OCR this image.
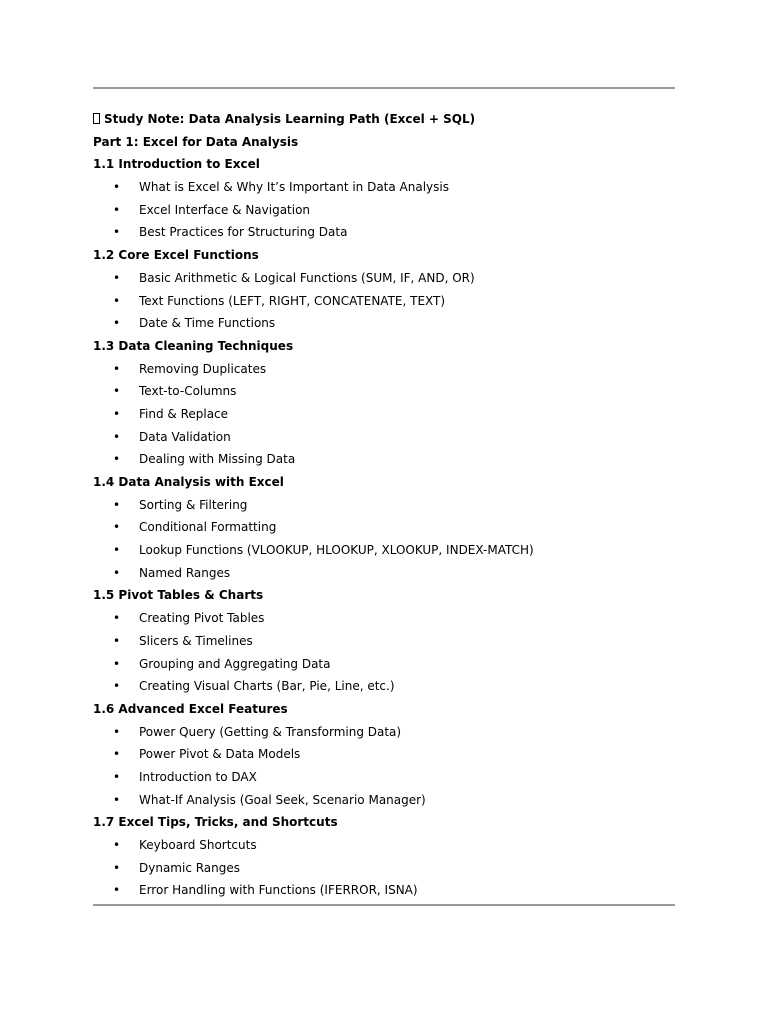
Study Note: Data Analysis Learning Path (Excel + SQL)
Part 1: Excel for Data Analysis
1.1 Introduction to Excel
• What is Excel & Why It’s Important in Data Analysis
• Excel Interface & Navigation
• Best Practices for Structuring Data
1.2 Core Excel Functions
• Basic Arithmetic & Logical Functions (SUM, IF, AND, OR)
• Text Functions (LEFT, RIGHT, CONCATENATE, TEXT)
• Date & Time Functions
1.3 Data Cleaning Techniques
• Removing Duplicates
• Text-to-Columns
• Find & Replace
• Data Validation
• Dealing with Missing Data
1.4 Data Analysis with Excel
• Sorting & Filtering
• Conditional Formatting
• Lookup Functions (VLOOKUP, HLOOKUP, XLOOKUP, INDEX-MATCH)
• Named Ranges
1.5 Pivot Tables & Charts
• Creating Pivot Tables
• Slicers & Timelines
• Grouping and Aggregating Data
• Creating Visual Charts (Bar, Pie, Line, etc.)
1.6 Advanced Excel Features
• Power Query (Getting & Transforming Data)
• Power Pivot & Data Models
• Introduction to DAX
• What-If Analysis (Goal Seek, Scenario Manager)
1.7 Excel Tips, Tricks, and Shortcuts
• Keyboard Shortcuts
• Dynamic Ranges
• Error Handling with Functions (IFERROR, ISNA)
